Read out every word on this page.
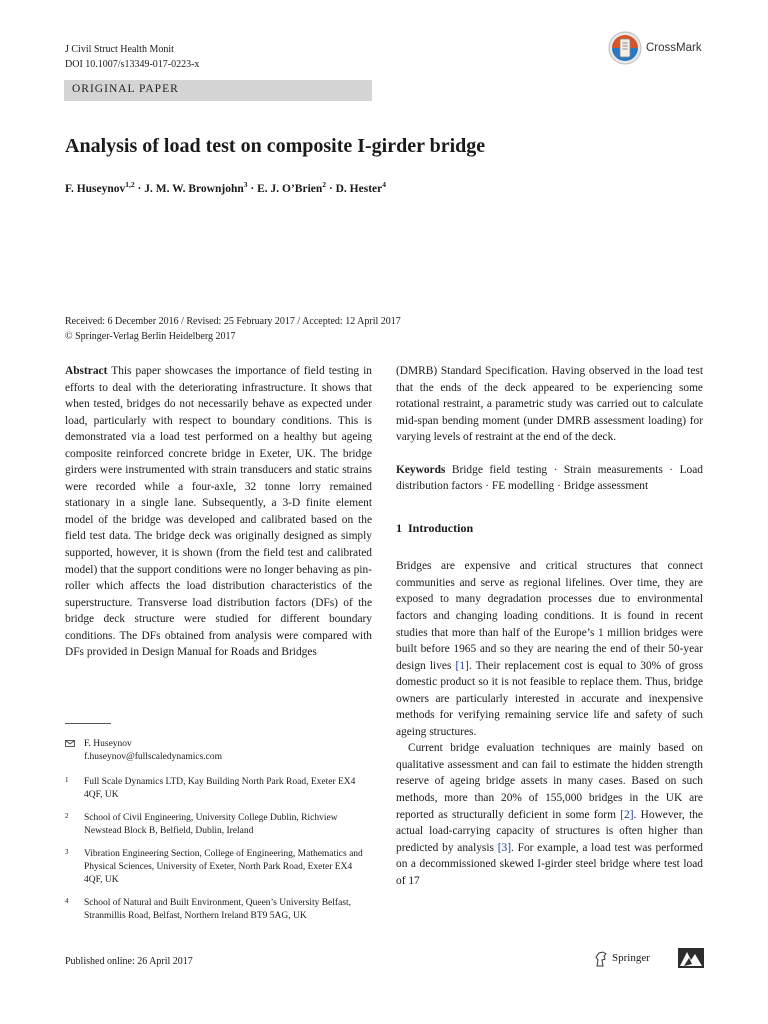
J Civil Struct Health Monit
DOI 10.1007/s13349-017-0223-x
CrossMark
ORIGINAL PAPER
Analysis of load test on composite I-girder bridge
F. Huseynov$^{1,2}$ · J. M. W. Brownjohn$^3$ · E. J. O’Brien$^2$ · D. Hester$^4$
Received: 6 December 2016 / Revised: 25 February 2017 / Accepted: 12 April 2017
© Springer-Verlag Berlin Heidelberg 2017
Abstract This paper showcases the importance of field testing in efforts to deal with the deteriorating infrastructure. It shows that when tested, bridges do not necessarily behave as expected under load, particularly with respect to boundary conditions. This is demonstrated via a load test performed on a healthy but ageing composite reinforced concrete bridge in Exeter, UK. The bridge girders were instrumented with strain transducers and static strains were recorded while a four-axle, 32 tonne lorry remained stationary in a single lane. Subsequently, a 3-D finite element model of the bridge was developed and calibrated based on the field test data. The bridge deck was originally designed as simply supported, however, it is shown (from the field test and calibrated model) that the support conditions were no longer behaving as pin-roller which affects the load distribution characteristics of the superstructure. Transverse load distribution factors (DFs) of the bridge deck structure were studied for different boundary conditions. The DFs obtained from analysis were compared with DFs provided in Design Manual for Roads and Bridges
(DMRB) Standard Specification. Having observed in the load test that the ends of the deck appeared to be experiencing some rotational restraint, a parametric study was carried out to calculate mid-span bending moment (under DMRB assessment loading) for varying levels of restraint at the end of the deck.
Keywords Bridge field testing · Strain measurements · Load distribution factors · FE modelling · Bridge assessment
1 Introduction
Bridges are expensive and critical structures that connect communities and serve as regional lifelines. Over time, they are exposed to many degradation processes due to environmental factors and changing loading conditions. It is found in recent studies that more than half of the Europe’s 1 million bridges were built before 1965 and so they are nearing the end of their 50-year design lives [1]. Their replacement cost is equal to 30% of gross domestic product so it is not feasible to replace them. Thus, bridge owners are particularly interested in accurate and inexpensive methods for verifying remaining service life and safety of such ageing structures.
Current bridge evaluation techniques are mainly based on qualitative assessment and can fail to estimate the hidden strength reserve of ageing bridge assets in many cases. Based on such methods, more than 20% of 155,000 bridges in the UK are reported as structurally deficient in some form [2]. However, the actual load-carrying capacity of structures is often higher than predicted by analysis [3]. For example, a load test was performed on a decommissioned skewed I-girder steel bridge where test load of 17
F. Huseynov
f.huseynov@fullscaledynamics.com
1 Full Scale Dynamics LTD, Kay Building North Park Road, Exeter EX4 4QF, UK
2 School of Civil Engineering, University College Dublin, Richview Newstead Block B, Belfield, Dublin, Ireland
3 Vibration Engineering Section, College of Engineering, Mathematics and Physical Sciences, University of Exeter, North Park Road, Exeter EX4 4QF, UK
4 School of Natural and Built Environment, Queen’s University Belfast, Stranmillis Road, Belfast, Northern Ireland BT9 5AG, UK
Published online: 26 April 2017	Springer
